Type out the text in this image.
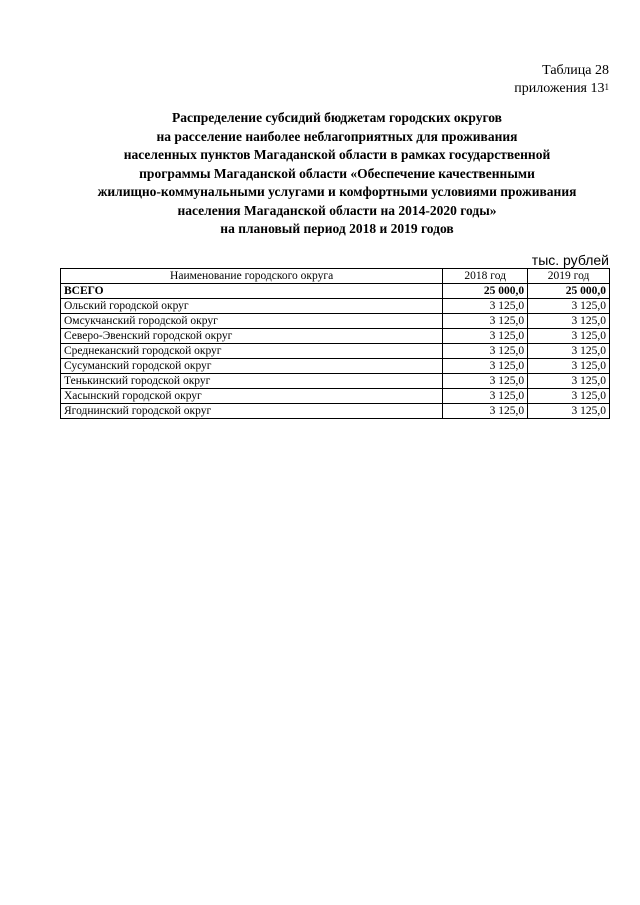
Таблица 28
приложения $13^1$
Распределение субсидий бюджетам городских округов
на расселение наиболее неблагоприятных для проживания
населенных пунктов Магаданской области в рамках государственной
программы Магаданской области «Обеспечение качественными
жилищно-коммунальными услугами и комфортными условиями проживания
населения Магаданской области на 2014-2020 годы»
на плановый период 2018 и 2019 годов
тыс. рублей
Наименование городского округа	2018 год	2019 год
ВСЕГО	25 000,0	25 000,0
Ольский городской округ	3 125,0	3 125,0
Омсукчанский городской округ	3 125,0	3 125,0
Северо-Эвенский городской округ	3 125,0	3 125,0
Среднеканский городской округ	3 125,0	3 125,0
Сусуманский городской округ	3 125,0	3 125,0
Тенькинский городской округ	3 125,0	3 125,0
Хасынский городской округ	3 125,0	3 125,0
Ягоднинский городской округ	3 125,0	3 125,0
